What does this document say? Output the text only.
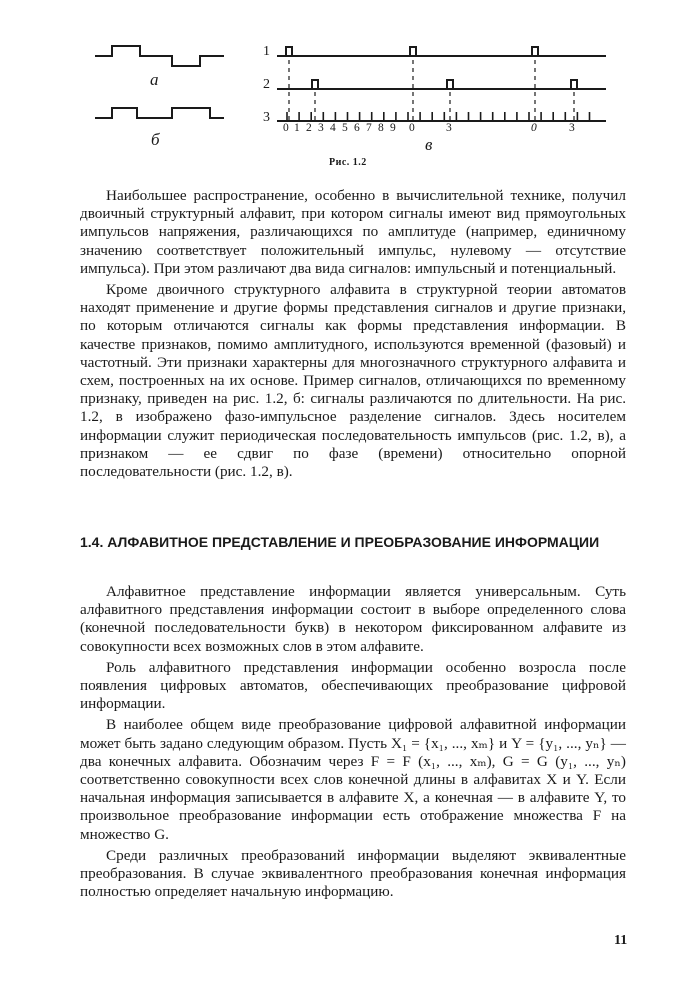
а
б	в
1
2
3
0 1 2 3 4 5 6 7 8 9 0	3	0	3
Рис. 1.2

Наибольшее распространение, особенно в вычислительной технике, получил двоичный структурный алфавит, при котором сигналы имеют вид прямоугольных импульсов напряжения, различающихся по амплитуде (например, единичному значению соответствует положительный импульс, нулевому — отсутствие импульса). При этом различают два вида сигналов: импульсный и потенциальный.

Кроме двоичного структурного алфавита в структурной теории автоматов находят применение и другие формы представления сигналов и другие признаки, по которым отличаются сигналы как формы представления информации. В качестве признаков, помимо амплитудного, используются временной (фазовый) и частотный. Эти признаки характерны для многозначного структурного алфавита и схем, построенных на их основе. Пример сигналов, отличающихся по временному признаку, приведен на рис. 1.2, б: сигналы различаются по длительности. На рис. 1.2, в изображено фазо-импульсное разделение сигналов. Здесь носителем информации служит периодическая последовательность импульсов (рис. 1.2, в), а признаком — ее сдвиг по фазе (времени) относительно опорной последовательности (рис. 1.2, в).

1.4. АЛФАВИТНОЕ ПРЕДСТАВЛЕНИЕ И ПРЕОБРАЗОВАНИЕ ИНФОРМАЦИИ

Алфавитное представление информации является универсальным. Суть алфавитного представления информации состоит в выборе определенного слова (конечной последовательности букв) в некотором фиксированном алфавите из совокупности всех возможных слов в этом алфавите.

Роль алфавитного представления информации особенно возросла после появления цифровых автоматов, обеспечивающих преобразование цифровой информации.

В наиболее общем виде преобразование цифровой алфавитной информации может быть задано следующим образом. Пусть X₁ = {x₁, ..., xₘ} и Y = {y₁, ..., yₙ} — два конечных алфавита. Обозначим через F = F (x₁, ..., xₘ), G = G (y₁, ..., yₙ) соответственно совокупности всех слов конечной длины в алфавитах X и Y. Если начальная информация записывается в алфавите X, а конечная — в алфавите Y, то произвольное преобразование информации есть отображение множества F на множество G.

Среди различных преобразований информации выделяют эквивалентные преобразования. В случае эквивалентного преобразования конечная информация полностью определяет начальную информацию.

11
